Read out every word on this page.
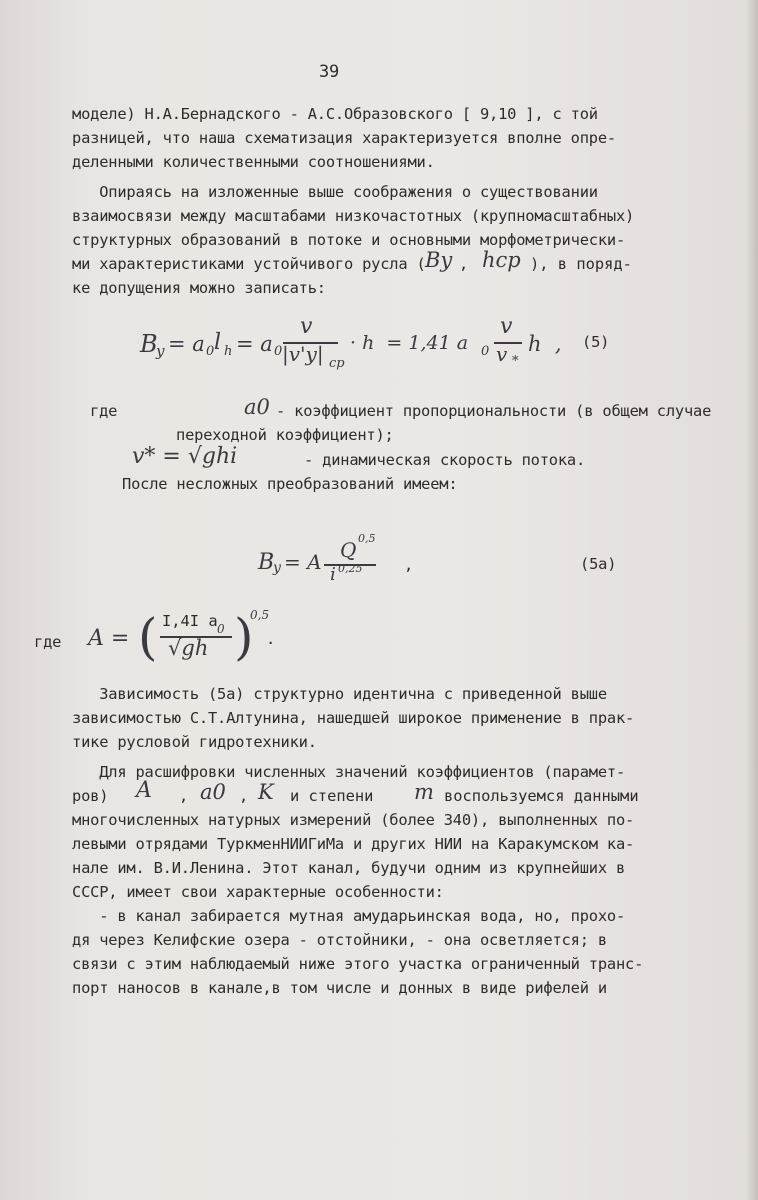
39
моделе) Н.А.Бернадского - А.С.Образовского [ 9,10 ], с той
разницей, что наша схематизация характеризуется вполне опре-
деленными количественными соотношениями.
Опираясь на изложенные выше соображения о существовании
взаимосвязи между масштабами низкочастотных (крупномасштабных)
структурных образований в потоке и основными морфометрически-
ми характеристиками устойчивого русла ( By , hcp ), в поряд-
ке допущения можно записать:
B
y = a 0 l h = a 0
v
|v'y| cp
· h  = 1,41 a 0
v
v *
h  , (5)
где	a0 - коэффициент пропорциональности (в общем случае
переходной коэффициент);
v* = √ghi	- динамическая скорость потока.
После несложных преобразований имеем:
B
y = A Q 0,5
i 0,25	,	(5a)
где A = ( I,4I a 0
√gh )
0,5
.
Зависимость (5а) структурно идентична с приведенной выше
зависимостью С.Т.Алтунина, нашедшей широкое применение в прак-
тике русловой гидротехники.
Для расшифровки численных значений коэффициентов (парамет-
ров) A , a0 , K и степени m воспользуемся данными
многочисленных натурных измерений (более 340), выполненных по-
левыми отрядами ТуркменНИИГиМа и других НИИ на Каракумском ка-
нале им. В.И.Ленина. Этот канал, будучи одним из крупнейших в
СССР, имеет свои характерные особенности:
- в канал забирается мутная амударьинская вода, но, прохо-
дя через Келифские озера - отстойники, - она осветляется; в
связи с этим наблюдаемый ниже этого участка ограниченный транс-
порт наносов в канале,в том числе и донных в виде рифелей и
